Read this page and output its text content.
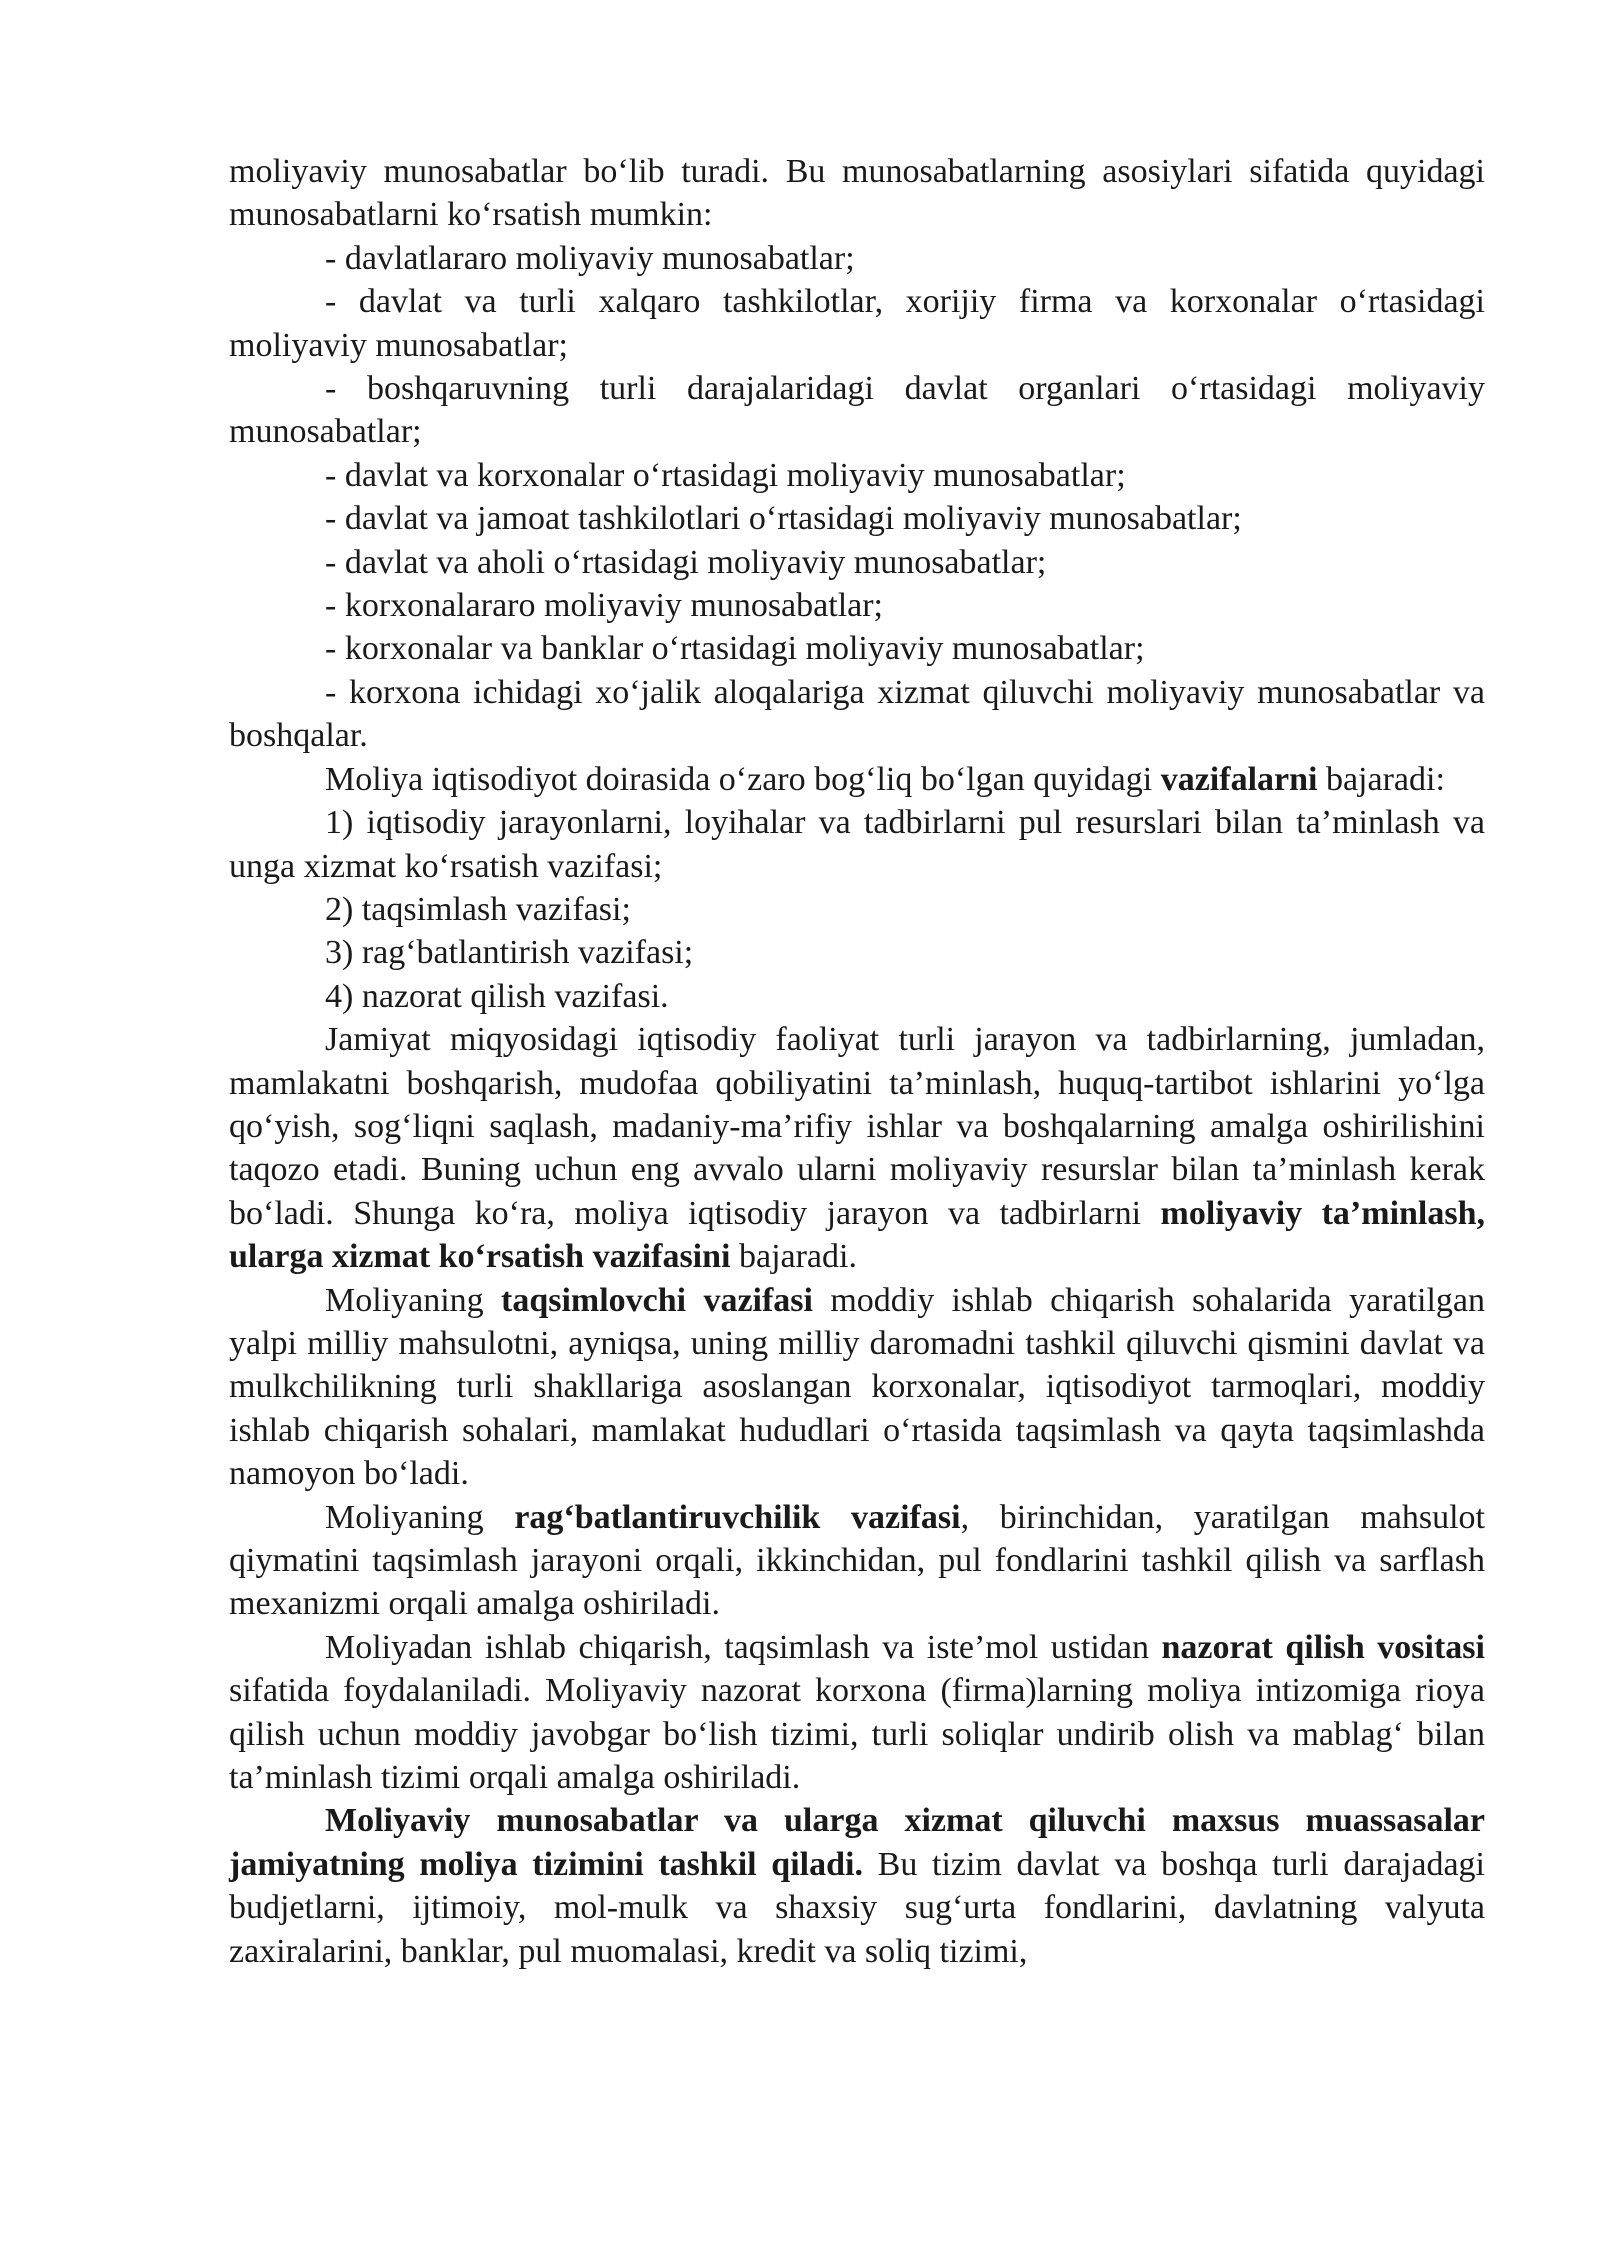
moliyaviy munosabatlar bo‘lib turadi. Bu munosabatlarning asosiylari sifatida quyidagi munosabatlarni ko‘rsatish mumkin:

- davlatlararo moliyaviy munosabatlar;

- davlat va turli xalqaro tashkilotlar, xorijiy firma va korxonalar o‘rtasidagi moliyaviy munosabatlar;

- boshqaruvning turli darajalaridagi davlat organlari o‘rtasidagi moliyaviy munosabatlar;

- davlat va korxonalar o‘rtasidagi moliyaviy munosabatlar;

- davlat va jamoat tashkilotlari o‘rtasidagi moliyaviy munosabatlar;

- davlat va aholi o‘rtasidagi moliyaviy munosabatlar;

- korxonalararo moliyaviy munosabatlar;

- korxonalar va banklar o‘rtasidagi moliyaviy munosabatlar;

- korxona ichidagi xo‘jalik aloqalariga xizmat qiluvchi moliyaviy munosabatlar va boshqalar.

Moliya iqtisodiyot doirasida o‘zaro bog‘liq bo‘lgan quyidagi vazifalarni bajaradi:

1) iqtisodiy jarayonlarni, loyihalar va tadbirlarni pul resurslari bilan ta’minlash va unga xizmat ko‘rsatish vazifasi;

2) taqsimlash vazifasi;

3) rag‘batlantirish vazifasi;

4) nazorat qilish vazifasi.

Jamiyat miqyosidagi iqtisodiy faoliyat turli jarayon va tadbirlarning, jumladan, mamlakatni boshqarish, mudofaa qobiliyatini ta’minlash, huquq-tartibot ishlarini yo‘lga qo‘yish, sog‘liqni saqlash, madaniy-ma’rifiy ishlar va boshqalarning amalga oshirilishini taqozo etadi. Buning uchun eng avvalo ularni moliyaviy resurslar bilan ta’minlash kerak bo‘ladi. Shunga ko‘ra, moliya iqtisodiy jarayon va tadbirlarni moliyaviy ta’minlash, ularga xizmat ko‘rsatish vazifasini bajaradi.

Moliyaning taqsimlovchi vazifasi moddiy ishlab chiqarish sohalarida yaratilgan yalpi milliy mahsulotni, ayniqsa, uning milliy daromadni tashkil qiluvchi qismini davlat va mulkchilikning turli shakllariga asoslangan korxonalar, iqtisodiyot tarmoqlari, moddiy ishlab chiqarish sohalari, mamlakat hududlari o‘rtasida taqsimlash va qayta taqsimlashda namoyon bo‘ladi.

Moliyaning rag‘batlantiruvchilik vazifasi, birinchidan, yaratilgan mahsulot qiymatini taqsimlash jarayoni orqali, ikkinchidan, pul fondlarini tashkil qilish va sarflash mexanizmi orqali amalga oshiriladi.

Moliyadan ishlab chiqarish, taqsimlash va iste’mol ustidan nazorat qilish vositasi sifatida foydalaniladi. Moliyaviy nazorat korxona (firma)larning moliya intizomiga rioya qilish uchun moddiy javobgar bo‘lish tizimi, turli soliqlar undirib olish va mablag‘ bilan ta’minlash tizimi orqali amalga oshiriladi.

Moliyaviy munosabatlar va ularga xizmat qiluvchi maxsus muassasalar jamiyatning moliya tizimini tashkil qiladi. Bu tizim davlat va boshqa turli darajadagi budjetlarni, ijtimoiy, mol-mulk va shaxsiy sug‘urta fondlarini, davlatning valyuta zaxiralarini, banklar, pul muomalasi, kredit va soliq tizimi,
